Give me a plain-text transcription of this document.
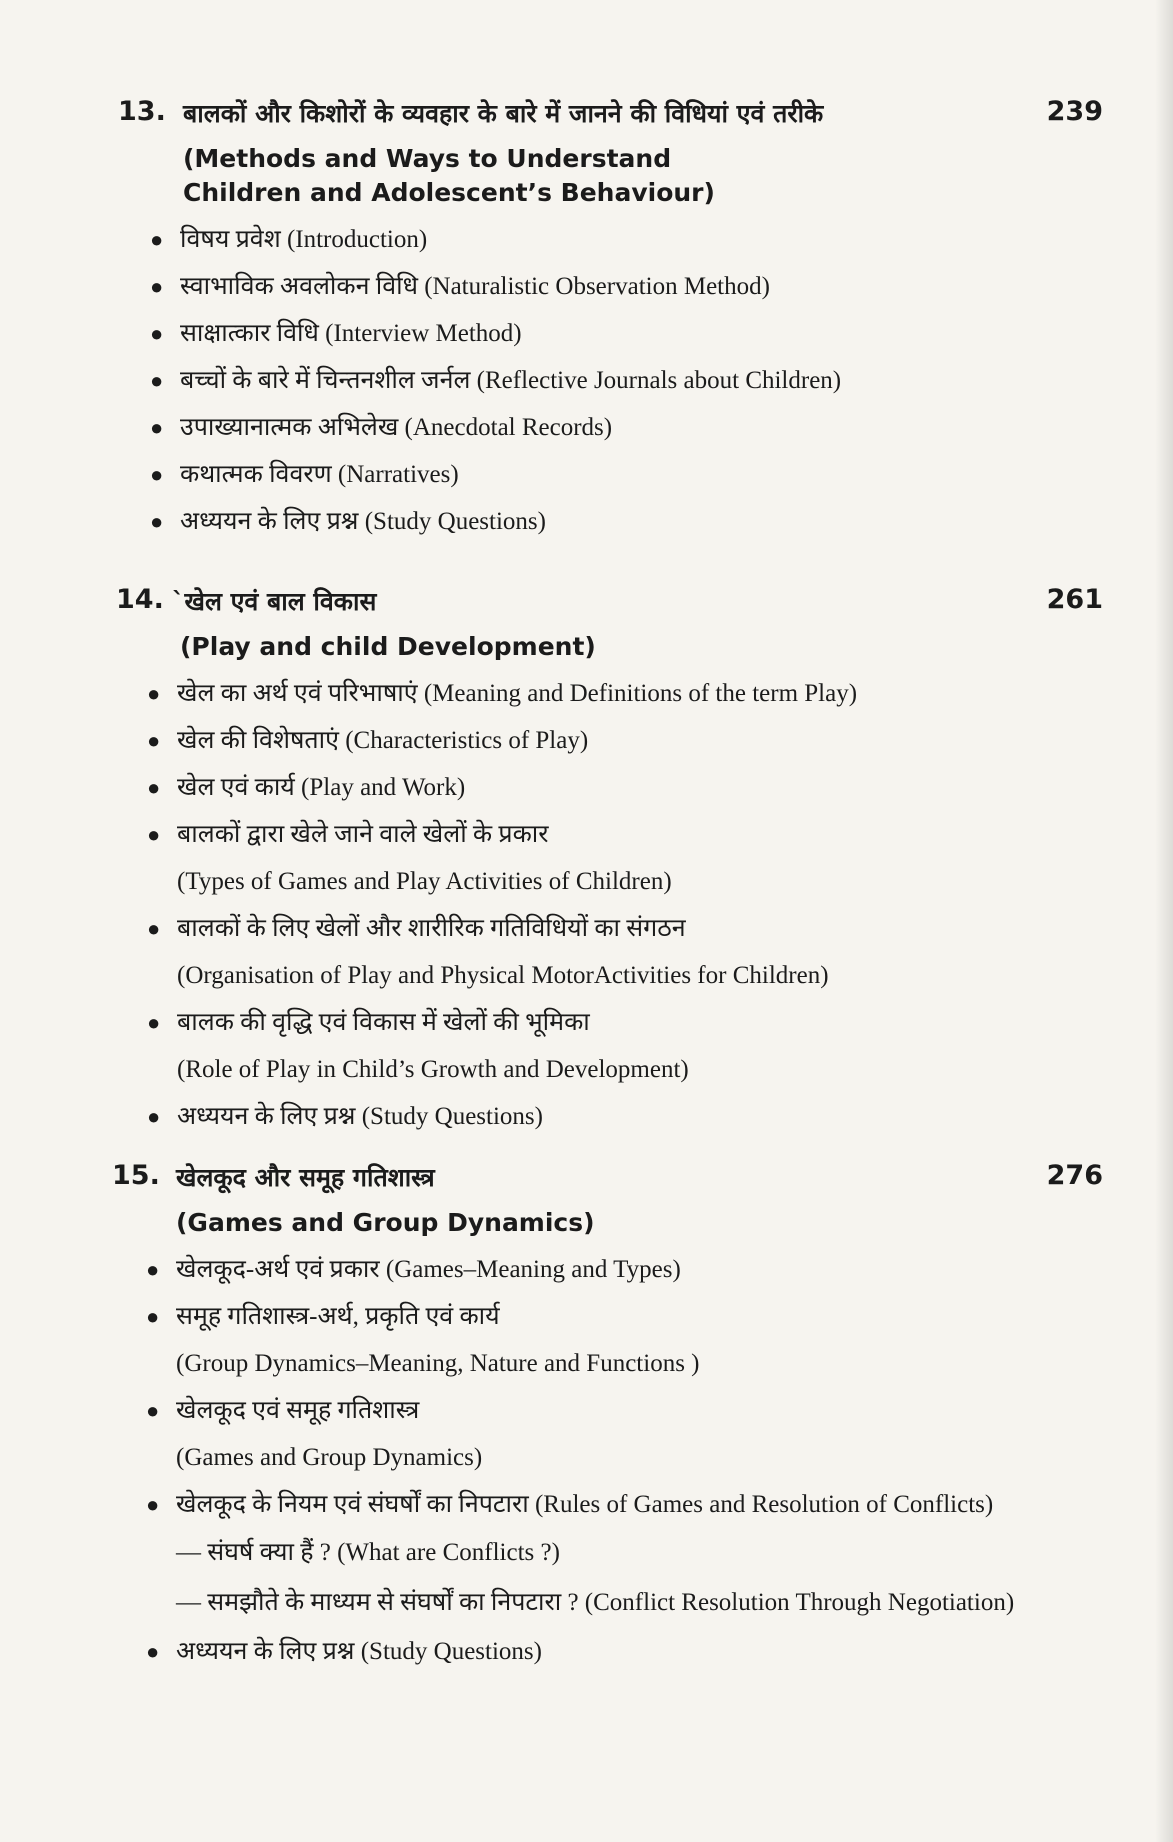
13. बालकों और किशोरों के व्यवहार के बारे में जानने की विधियां एवं तरीके	239
(Methods and Ways to Understand
Children and Adolescent’s Behaviour)
● विषय प्रवेश (Introduction)
● स्वाभाविक अवलोकन विधि (Naturalistic Observation Method)
● साक्षात्कार विधि (Interview Method)
● बच्चों के बारे में चिन्तनशील जर्नल (Reflective Journals about Children)
● उपाख्यानात्मक अभिलेख (Anecdotal Records)
● कथात्मक विवरण (Narratives)
● अध्ययन के लिए प्रश्न (Study Questions)
14. `खेल एवं बाल विकास	261
(Play and child Development)
● खेल का अर्थ एवं परिभाषाएं (Meaning and Definitions of the term Play)
● खेल की विशेषताएं (Characteristics of Play)
● खेल एवं कार्य (Play and Work)
● बालकों द्वारा खेले जाने वाले खेलों के प्रकार
(Types of Games and Play Activities of Children)
● बालकों के लिए खेलों और शारीरिक गतिविधियों का संगठन
(Organisation of Play and Physical MotorActivities for Children)
● बालक की वृद्धि एवं विकास में खेलों की भूमिका
(Role of Play in Child’s Growth and Development)
● अध्ययन के लिए प्रश्न (Study Questions)
15. खेलकूद और समूह गतिशास्त्र	276
(Games and Group Dynamics)
● खेलकूद-अर्थ एवं प्रकार (Games–Meaning and Types)
● समूह गतिशास्त्र-अर्थ, प्रकृति एवं कार्य
(Group Dynamics–Meaning, Nature and Functions )
● खेलकूद एवं समूह गतिशास्त्र
(Games and Group Dynamics)
● खेलकूद के नियम एवं संघर्षों का निपटारा (Rules of Games and Resolution of Conflicts)
— संघर्ष क्या हैं ? (What are Conflicts ?)
— समझौते के माध्यम से संघर्षों का निपटारा ? (Conflict Resolution Through Negotiation)
● अध्ययन के लिए प्रश्न (Study Questions)
